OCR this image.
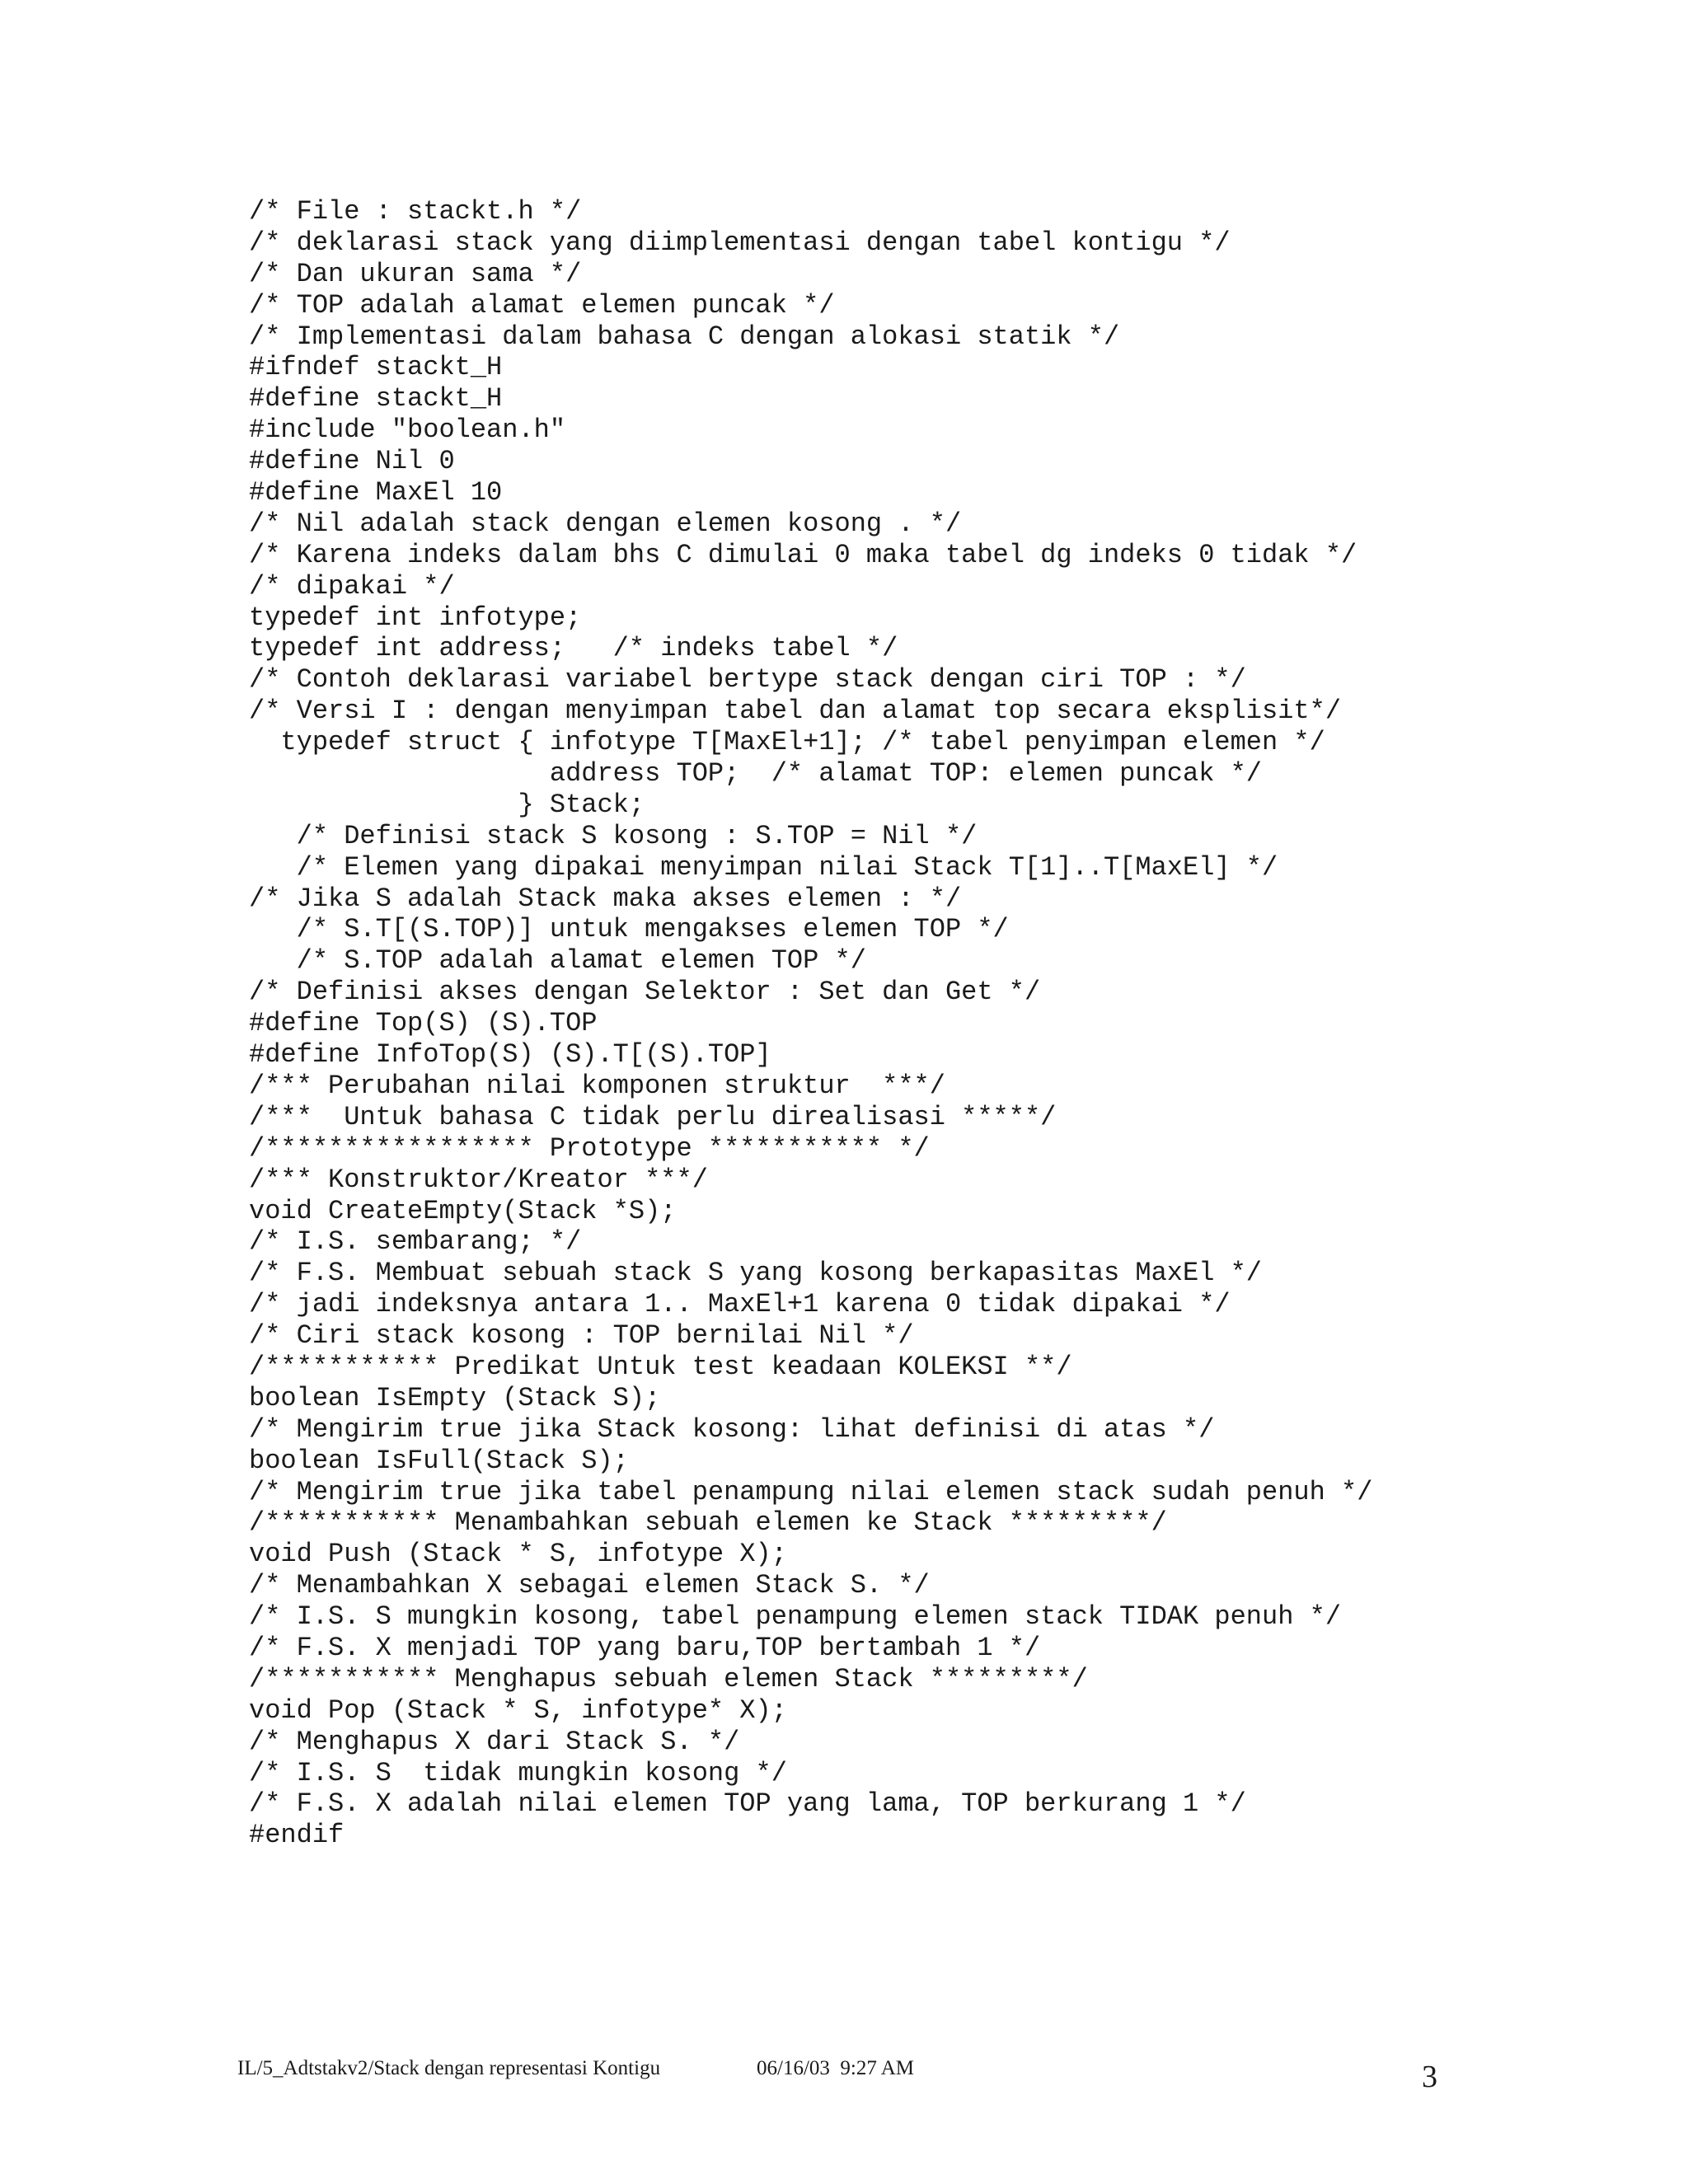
/* File : stackt.h */
/* deklarasi stack yang diimplementasi dengan tabel kontigu */
/* Dan ukuran sama */
/* TOP adalah alamat elemen puncak */
/* Implementasi dalam bahasa C dengan alokasi statik */
#ifndef stackt_H
#define stackt_H
#include "boolean.h"
#define Nil 0
#define MaxEl 10
/* Nil adalah stack dengan elemen kosong . */
/* Karena indeks dalam bhs C dimulai 0 maka tabel dg indeks 0 tidak */
/* dipakai */
typedef int infotype;
typedef int address;   /* indeks tabel */
/* Contoh deklarasi variabel bertype stack dengan ciri TOP : */
/* Versi I : dengan menyimpan tabel dan alamat top secara eksplisit*/
typedef struct { infotype T[MaxEl+1]; /* tabel penyimpan elemen */
address TOP;  /* alamat TOP: elemen puncak */
} Stack;
/* Definisi stack S kosong : S.TOP = Nil */
/* Elemen yang dipakai menyimpan nilai Stack T[1]..T[MaxEl] */
/* Jika S adalah Stack maka akses elemen : */
/* S.T[(S.TOP)] untuk mengakses elemen TOP */
/* S.TOP adalah alamat elemen TOP */
/* Definisi akses dengan Selektor : Set dan Get */
#define Top(S) (S).TOP
#define InfoTop(S) (S).T[(S).TOP]
/*** Perubahan nilai komponen struktur  ***/
/***  Untuk bahasa C tidak perlu direalisasi *****/
/***************** Prototype *********** */
/*** Konstruktor/Kreator ***/
void CreateEmpty(Stack *S);
/* I.S. sembarang; */
/* F.S. Membuat sebuah stack S yang kosong berkapasitas MaxEl */
/* jadi indeksnya antara 1.. MaxEl+1 karena 0 tidak dipakai */
/* Ciri stack kosong : TOP bernilai Nil */
/*********** Predikat Untuk test keadaan KOLEKSI **/
boolean IsEmpty (Stack S);
/* Mengirim true jika Stack kosong: lihat definisi di atas */
boolean IsFull(Stack S);
/* Mengirim true jika tabel penampung nilai elemen stack sudah penuh */
/*********** Menambahkan sebuah elemen ke Stack *********/
void Push (Stack * S, infotype X);
/* Menambahkan X sebagai elemen Stack S. */
/* I.S. S mungkin kosong, tabel penampung elemen stack TIDAK penuh */
/* F.S. X menjadi TOP yang baru,TOP bertambah 1 */
/*********** Menghapus sebuah elemen Stack *********/
void Pop (Stack * S, infotype* X);
/* Menghapus X dari Stack S. */
/* I.S. S  tidak mungkin kosong */
/* F.S. X adalah nilai elemen TOP yang lama, TOP berkurang 1 */
#endif
IL/5_Adtstakv2/Stack dengan representasi Kontigu	06/16/03  9:27 AM	3
